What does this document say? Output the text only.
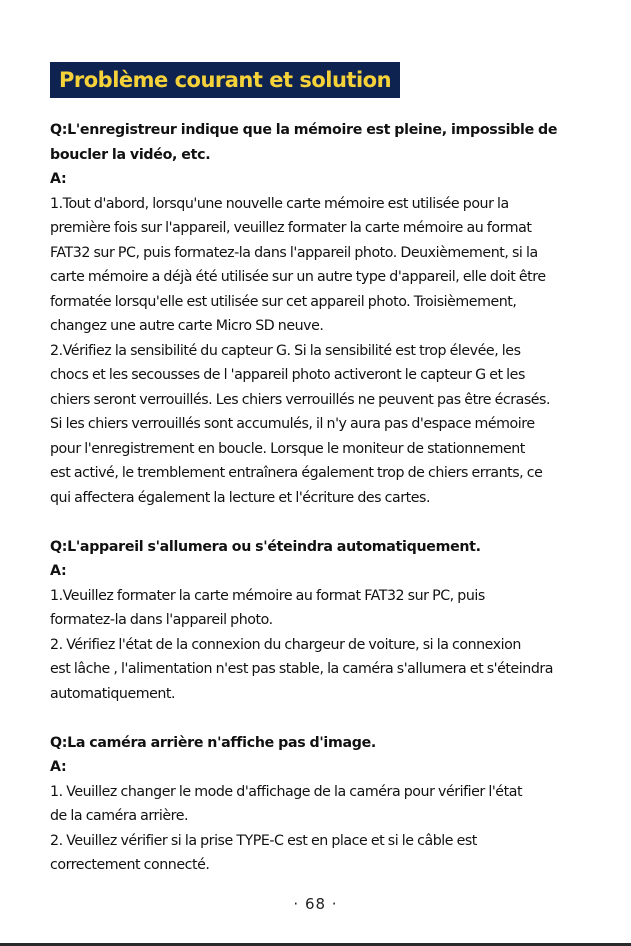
Problème courant et solution
Q:L'enregistreur indique que la mémoire est pleine, impossible de
boucler la vidéo, etc.
A:
1.Tout d'abord, lorsqu'une nouvelle carte mémoire est utilisée pour la
première fois sur l'appareil, veuillez formater la carte mémoire au format
FAT32 sur PC, puis formatez-la dans l'appareil photo. Deuxièmement, si la
carte mémoire a déjà été utilisée sur un autre type d'appareil, elle doit être
formatée lorsqu'elle est utilisée sur cet appareil photo. Troisièmement,
changez une autre carte Micro SD neuve.
2.Vérifiez la sensibilité du capteur G. Si la sensibilité est trop élevée, les
chocs et les secousses de l 'appareil photo activeront le capteur G et les
chiers seront verrouillés. Les chiers verrouillés ne peuvent pas être écrasés.
Si les chiers verrouillés sont accumulés, il n'y aura pas d'espace mémoire
pour l'enregistrement en boucle. Lorsque le moniteur de stationnement
est activé, le tremblement entraînera également trop de chiers errants, ce
qui affectera également la lecture et l'écriture des cartes.
Q:L'appareil s'allumera ou s'éteindra automatiquement.
A:
1.Veuillez formater la carte mémoire au format FAT32 sur PC, puis
formatez-la dans l'appareil photo.
2. Vérifiez l'état de la connexion du chargeur de voiture, si la connexion
est lâche , l'alimentation n'est pas stable, la caméra s'allumera et s'éteindra
automatiquement.
Q:La caméra arrière n'affiche pas d'image.
A:
1. Veuillez changer le mode d'affichage de la caméra pour vérifier l'état
de la caméra arrière.
2. Veuillez vérifier si la prise TYPE-C est en place et si le câble est
correctement connecté.
· 68 ·
